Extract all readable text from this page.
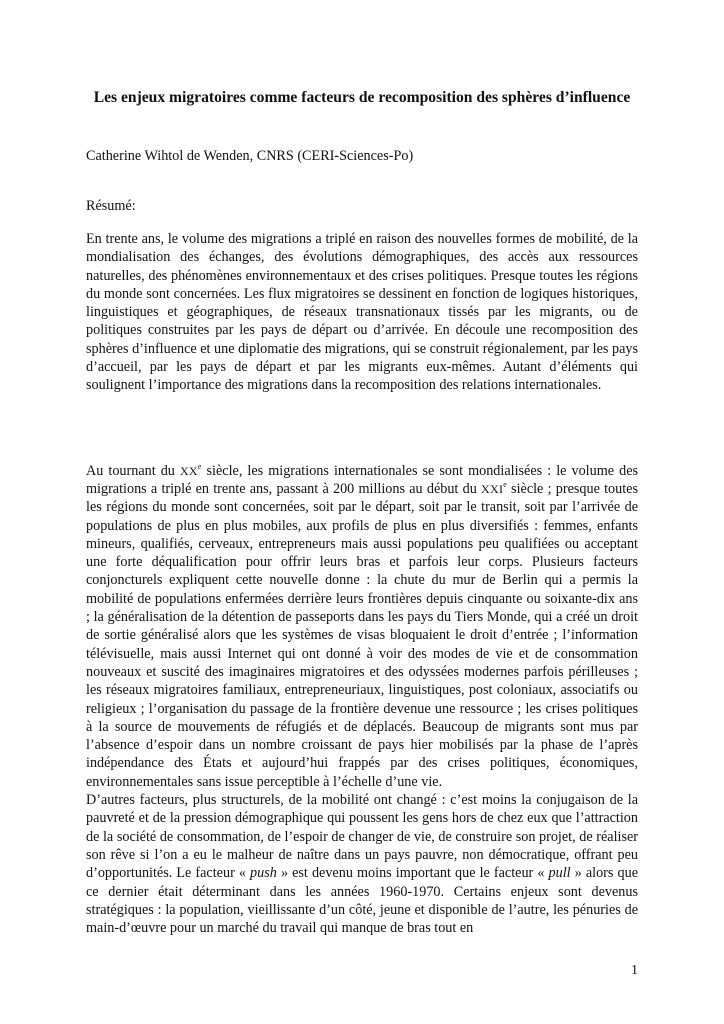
Les enjeux migratoires comme facteurs de recomposition des sphères d’influence

Catherine Wihtol de Wenden, CNRS (CERI-Sciences-Po)

Résumé:

En trente ans, le volume des migrations a triplé en raison des nouvelles formes de mobilité, de la mondialisation des échanges, des évolutions démographiques, des accès aux ressources naturelles, des phénomènes environnementaux et des crises politiques. Presque toutes les régions du monde sont concernées. Les flux migratoires se dessinent en fonction de logiques historiques, linguistiques et géographiques, de réseaux transnationaux tissés par les migrants, ou de politiques construites par les pays de départ ou d’arrivée. En découle une recomposition des sphères d’influence et une diplomatie des migrations, qui se construit régionalement, par les pays d’accueil, par les pays de départ et par les migrants eux-mêmes. Autant d’éléments qui soulignent l’importance des migrations dans la recomposition des relations internationales.

Au tournant du XXe siècle, les migrations internationales se sont mondialisées : le volume des migrations a triplé en trente ans, passant à 200 millions au début du XXIe siècle ; presque toutes les régions du monde sont concernées, soit par le départ, soit par le transit, soit par l’arrivée de populations de plus en plus mobiles, aux profils de plus en plus diversifiés : femmes, enfants mineurs, qualifiés, cerveaux, entrepreneurs mais aussi populations peu qualifiées ou acceptant une forte déqualification pour offrir leurs bras et parfois leur corps. Plusieurs facteurs conjoncturels expliquent cette nouvelle donne : la chute du mur de Berlin qui a permis la mobilité de populations enfermées derrière leurs frontières depuis cinquante ou soixante-dix ans ; la généralisation de la détention de passeports dans les pays du Tiers Monde, qui a créé un droit de sortie généralisé alors que les systèmes de visas bloquaient le droit d’entrée ; l’information télévisuelle, mais aussi Internet qui ont donné à voir des modes de vie et de consommation nouveaux et suscité des imaginaires migratoires et des odyssées modernes parfois périlleuses ; les réseaux migratoires familiaux, entrepreneuriaux, linguistiques, post coloniaux, associatifs ou religieux ; l’organisation du passage de la frontière devenue une ressource ; les crises politiques à la source de mouvements de réfugiés et de déplacés. Beaucoup de migrants sont mus par l’absence d’espoir dans un nombre croissant de pays hier mobilisés par la phase de l’après indépendance des États et aujourd’hui frappés par des crises politiques, économiques, environnementales sans issue perceptible à l’échelle d’une vie.

D’autres facteurs, plus structurels, de la mobilité ont changé : c’est moins la conjugaison de la pauvreté et de la pression démographique qui poussent les gens hors de chez eux que l’attraction de la société de consommation, de l’espoir de changer de vie, de construire son projet, de réaliser son rêve si l’on a eu le malheur de naître dans un pays pauvre, non démocratique, offrant peu d’opportunités. Le facteur « push » est devenu moins important que le facteur « pull » alors que ce dernier était déterminant dans les années 1960-1970. Certains enjeux sont devenus stratégiques : la population, vieillissante d’un côté, jeune et disponible de l’autre, les pénuries de main-d’œuvre pour un marché du travail qui manque de bras tout en

1
